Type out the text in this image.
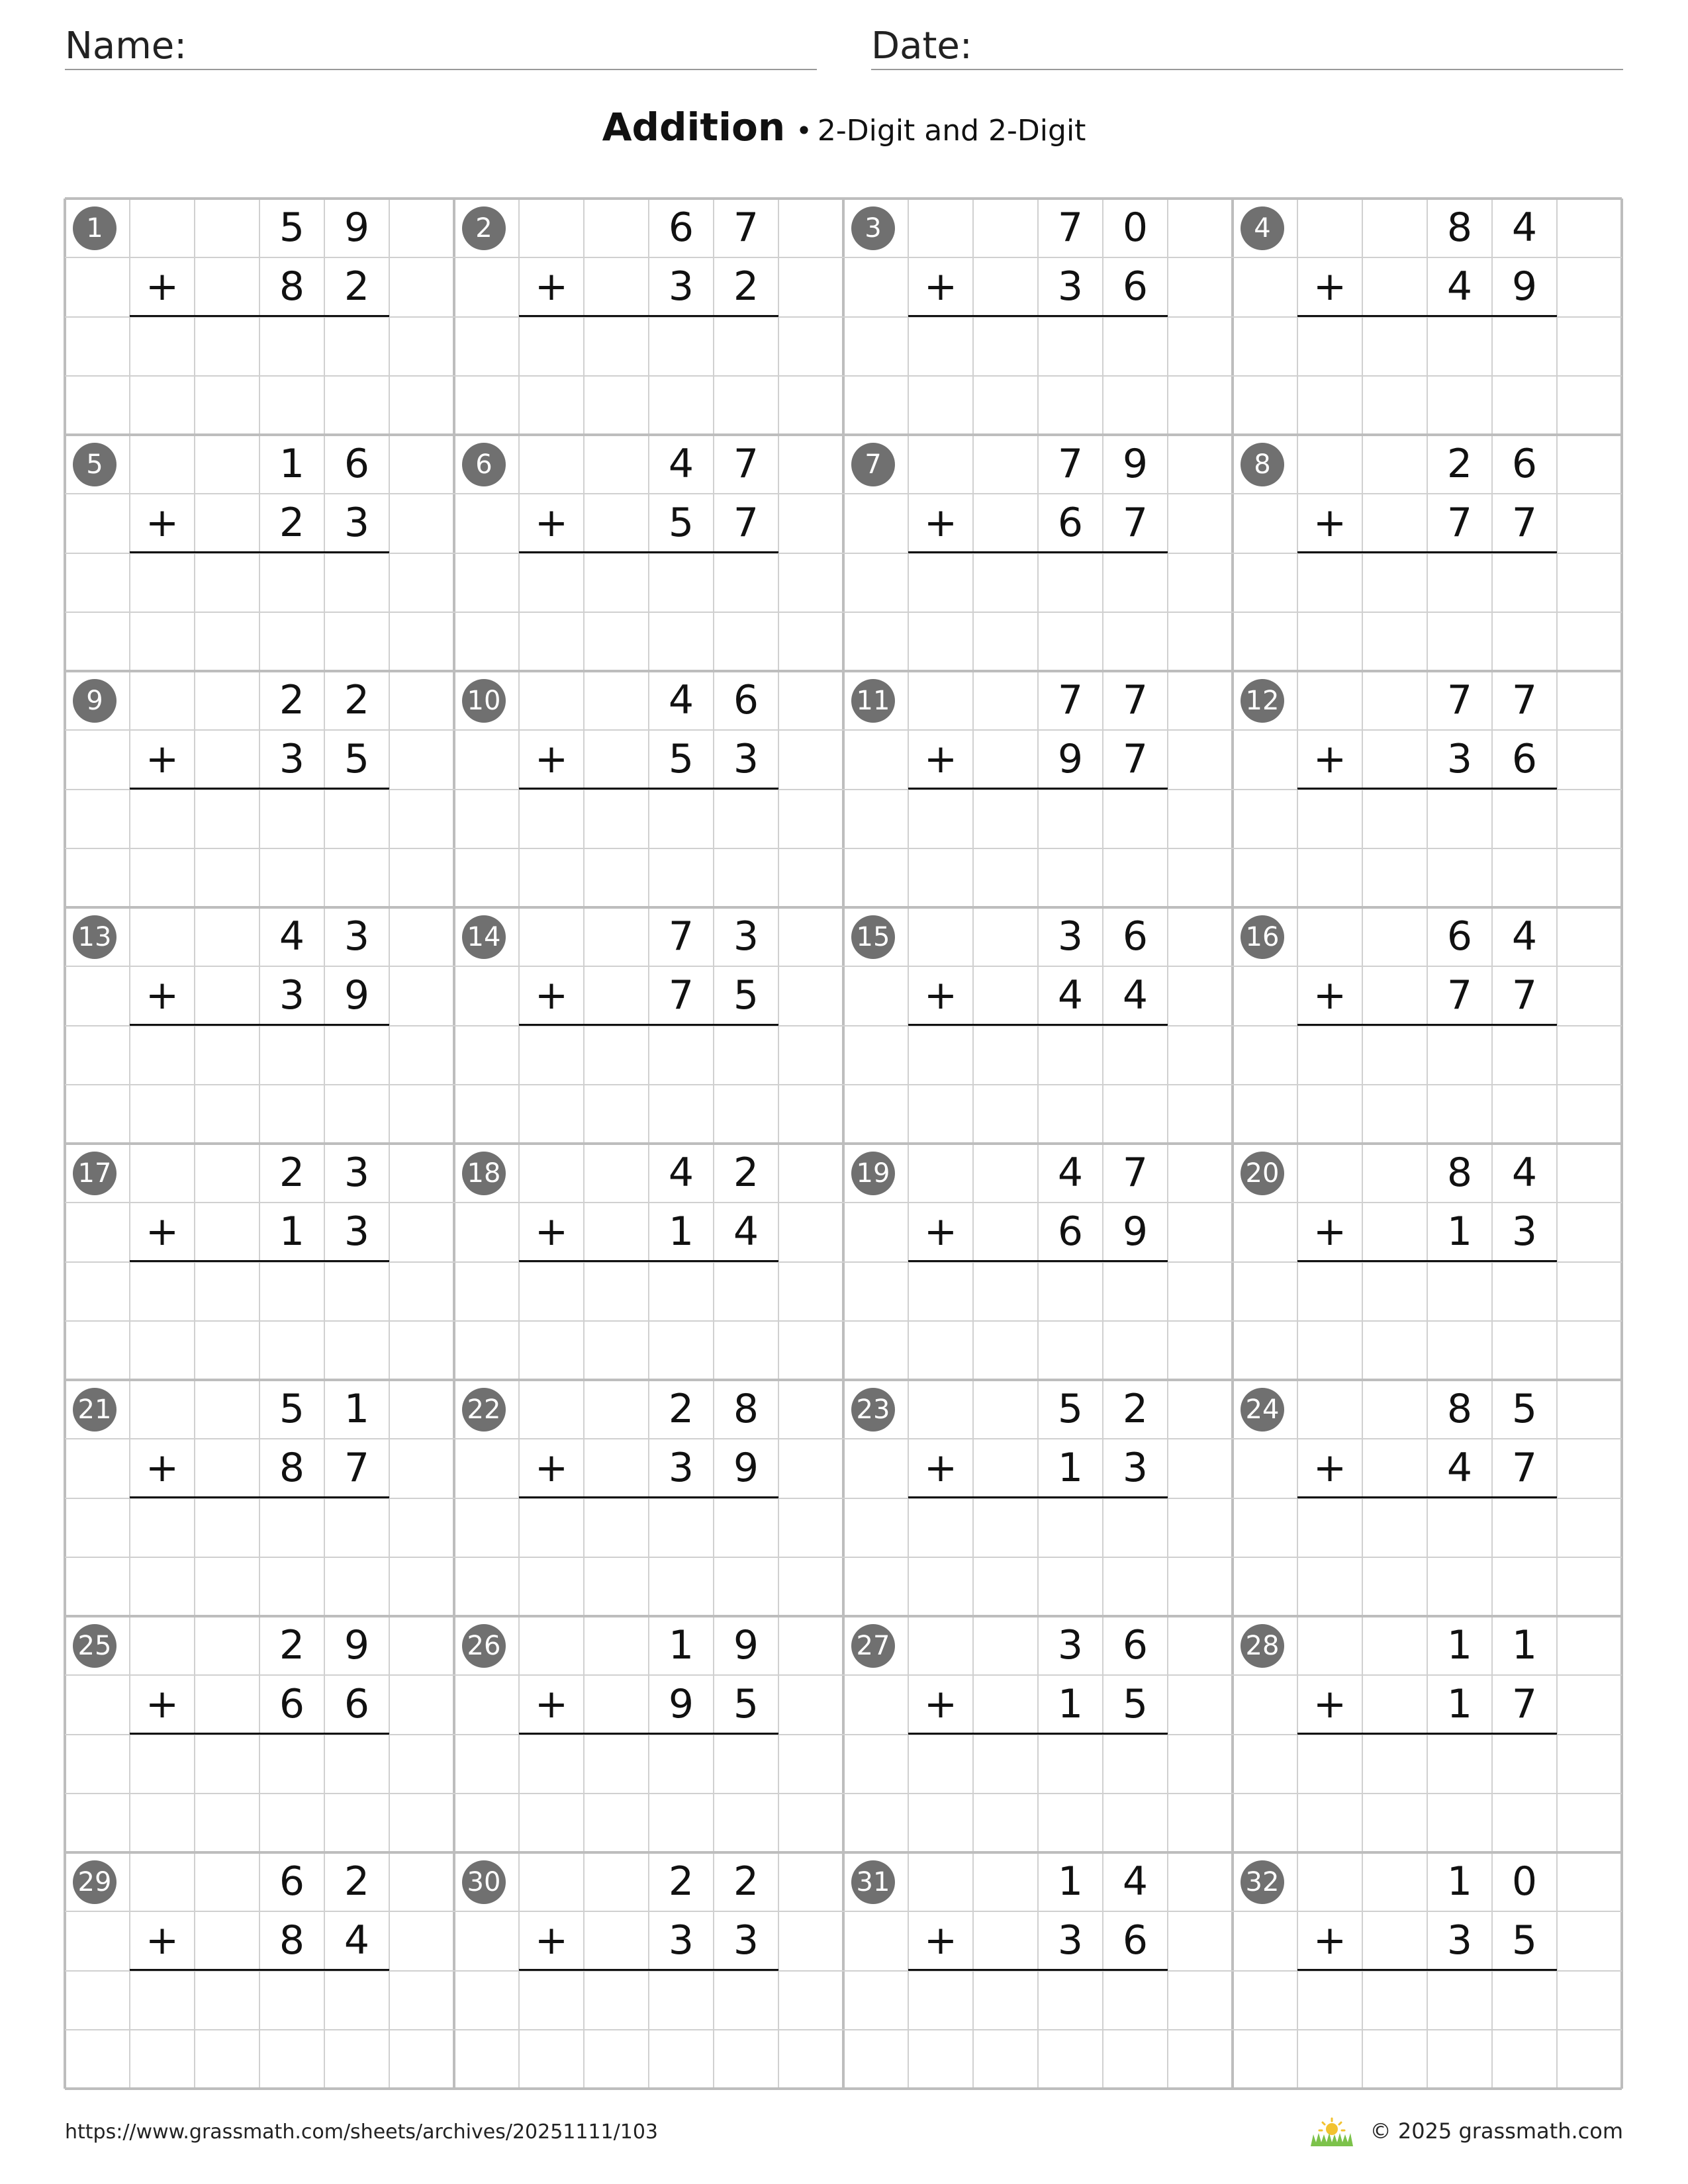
Name:	Date:
Addition • 2-Digit and 2-Digit
1	5 9
8 2
+
2	6 7
3 2
+
3	7 0
3 6
+
4	8 4
4 9
+
5	1 6
2 3
+
6	4 7
5 7
+
7	7 9
6 7
+
8	2 6
7 7
+
9	2 2
3 5
+
10	4 6
5 3
+
11	7 7
9 7
+
12	7 7
3 6
+
13	4 3
3 9
+
14	7 3
7 5
+
15	3 6
4 4
+
16	6 4
7 7
+
17	2 3
1 3
+
18	4 2
1 4
+
19	4 7
6 9
+
20	8 4
1 3
+
21	5 1
8 7
+
22	2 8
3 9
+
23	5 2
1 3
+
24	8 5
4 7
+
25	2 9
6 6
+
26	1 9
9 5
+
27	3 6
1 5
+
28	1 1
1 7
+
29	6 2
8 4
+
30	2 2
3 3
+
31	1 4
3 6
+
32	1 0
3 5
+
https://www.grassmath.com/sheets/archives/20251111/103	© 2025 grassmath.com
